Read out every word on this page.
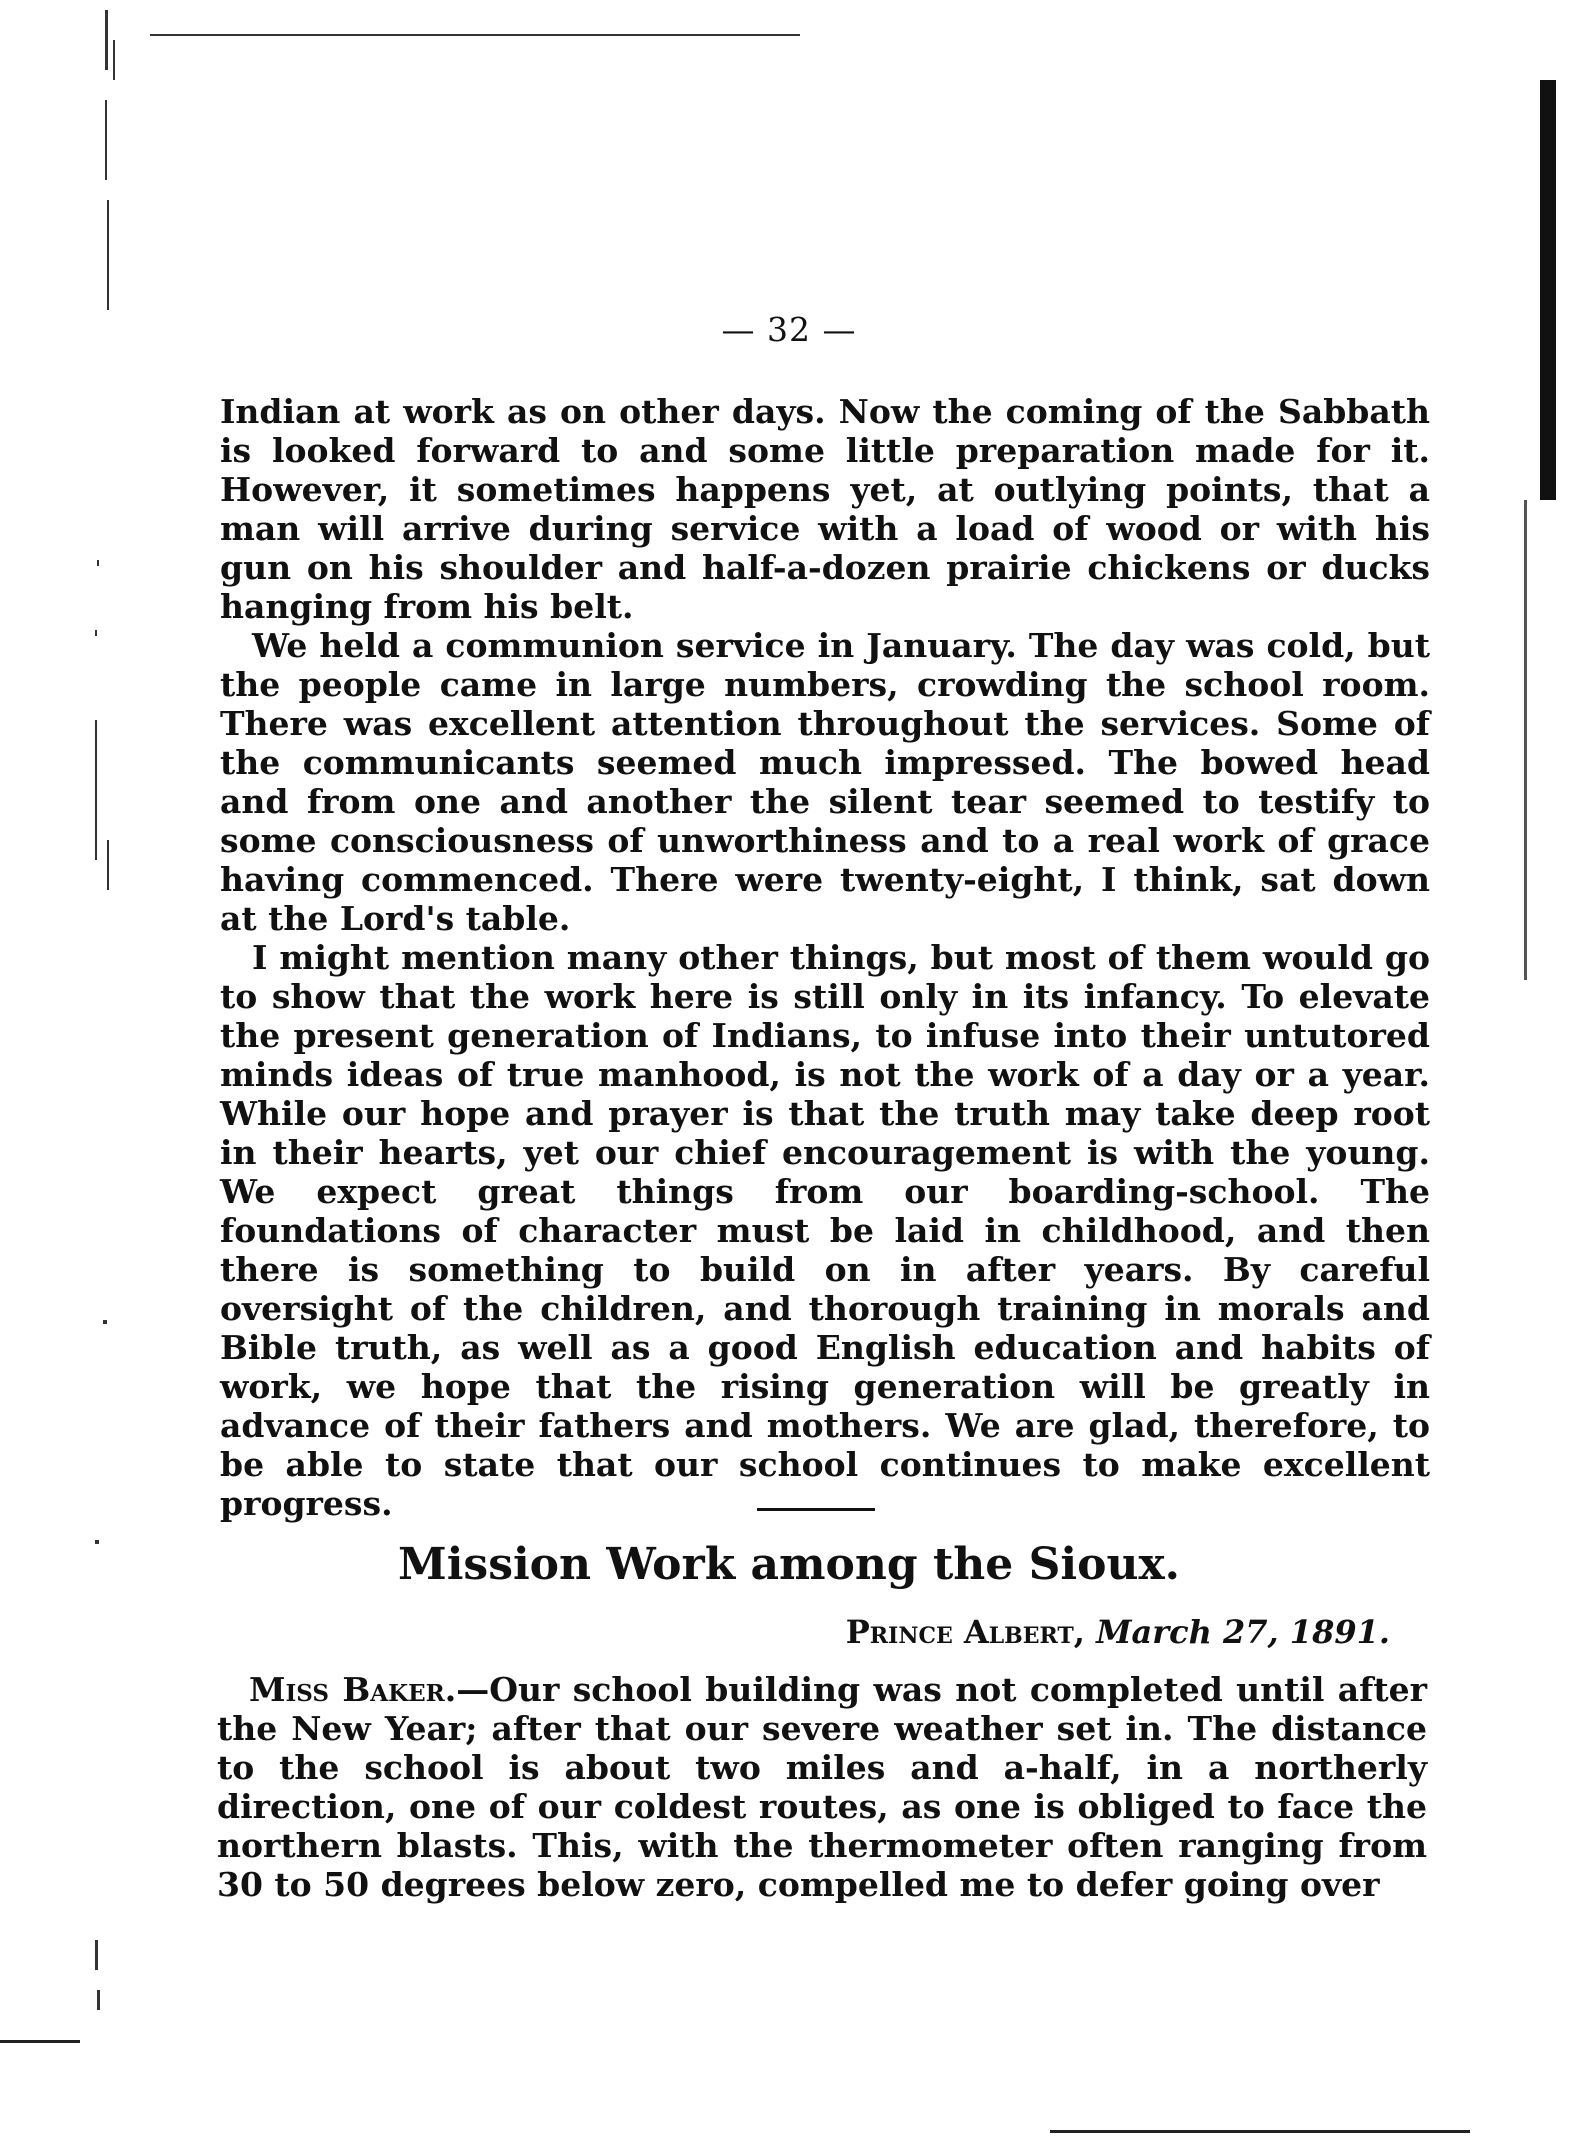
— 32 —

Indian at work as on other days. Now the coming of the Sabbath is looked forward to and some little preparation made for it. However, it sometimes happens yet, at outlying points, that a man will arrive during service with a load of wood or with his gun on his shoulder and half-a-dozen prairie chickens or ducks hanging from his belt.

We held a communion service in January. The day was cold, but the people came in large numbers, crowding the school room. There was excellent attention throughout the services. Some of the communicants seemed much impressed. The bowed head and from one and another the silent tear seemed to testify to some consciousness of unworthiness and to a real work of grace having commenced. There were twenty-eight, I think, sat down at the Lord's table.

I might mention many other things, but most of them would go to show that the work here is still only in its infancy. To elevate the present generation of Indians, to infuse into their untutored minds ideas of true manhood, is not the work of a day or a year. While our hope and prayer is that the truth may take deep root in their hearts, yet our chief encouragement is with the young. We expect great things from our boarding-school. The foundations of character must be laid in childhood, and then there is something to build on in after years. By careful oversight of the children, and thorough training in morals and Bible truth, as well as a good English education and habits of work, we hope that the rising generation will be greatly in advance of their fathers and mothers. We are glad, therefore, to be able to state that our school continues to make excellent progress.

Mission Work among the Sioux.
Prince Albert, March 27, 1891.

Miss Baker.—Our school building was not completed until after the New Year; after that our severe weather set in. The distance to the school is about two miles and a-half, in a northerly direction, one of our coldest routes, as one is obliged to face the northern blasts. This, with the thermometer often ranging from 30 to 50 degrees below zero, compelled me to defer going over
